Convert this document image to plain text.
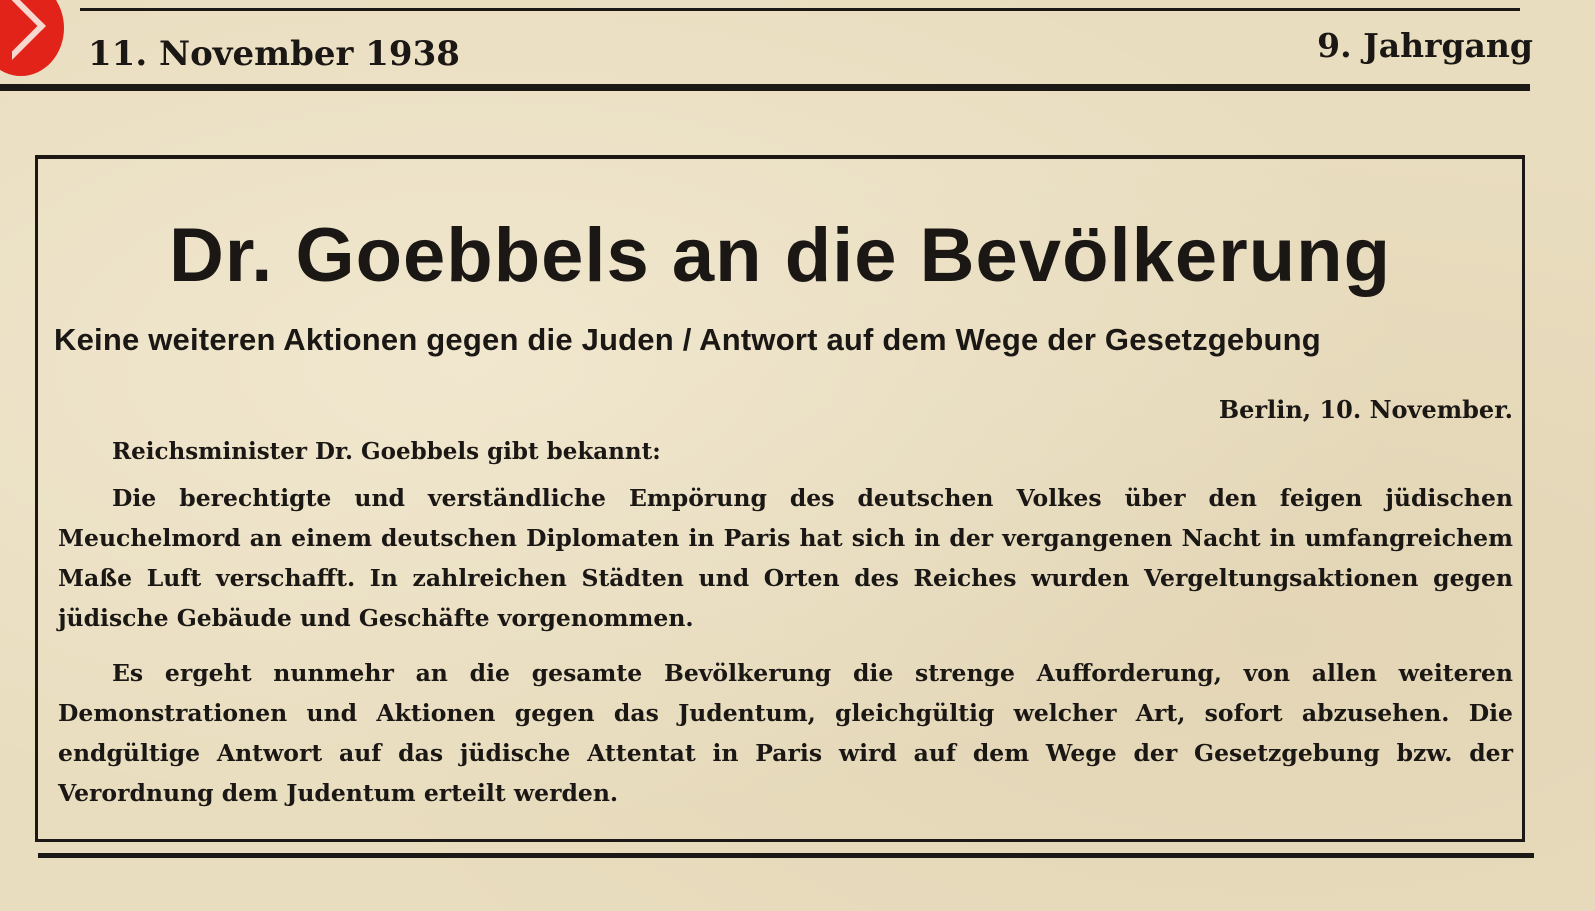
11. November 1938	9. Jahrgang
Dr. Goebbels an die Bevölkerung
Keine weiteren Aktionen gegen die Juden / Antwort auf dem Wege der Gesetzgebung
Berlin, 10. November.
Reichsminister Dr. Goebbels gibt bekannt:
Die berechtigte und verständliche Empörung des deutschen Volkes über den feigen jüdischen Meuchelmord an einem deutschen Diplomaten in Paris hat sich in der vergangenen Nacht in umfangreichem Maße Luft verschafft. In zahlreichen Städten und Orten des Reiches wurden Vergeltungsaktionen gegen jüdische Gebäude und Geschäfte vorgenommen.
Es ergeht nunmehr an die gesamte Bevölkerung die strenge Aufforderung, von allen weiteren Demonstrationen und Aktionen gegen das Judentum, gleichgültig welcher Art, sofort abzusehen. Die endgültige Antwort auf das jüdische Attentat in Paris wird auf dem Wege der Gesetzgebung bzw. der Verordnung dem Judentum erteilt werden.
